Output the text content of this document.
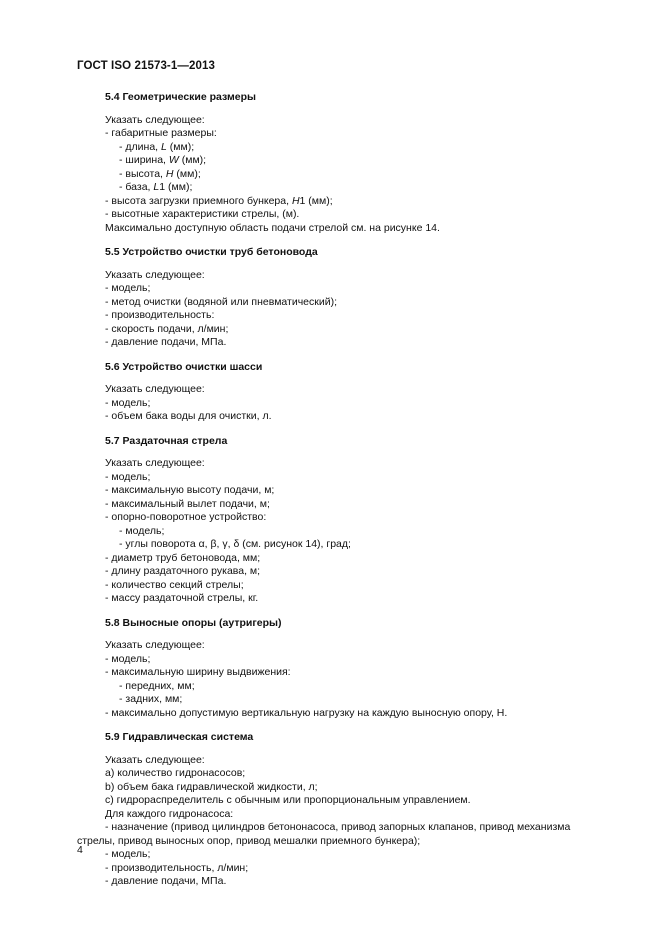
ГОСТ ISO 21573-1—2013
5.4 Геометрические размеры
Указать следующее:
- габаритные размеры:
- длина, L (мм);
- ширина, W (мм);
- высота, H (мм);
- база, L1 (мм);
- высота загрузки приемного бункера, H1 (мм);
- высотные характеристики стрелы, (м).
Максимально доступную область подачи стрелой см. на рисунке 14.
5.5 Устройство очистки труб бетоновода
Указать следующее:
- модель;
- метод очистки (водяной или пневматический);
- производительность:
- скорость подачи, л/мин;
- давление подачи, МПа.
5.6 Устройство очистки шасси
Указать следующее:
- модель;
- объем бака воды для очистки, л.
5.7 Раздаточная стрела
Указать следующее:
- модель;
- максимальную высоту подачи, м;
- максимальный вылет подачи, м;
- опорно-поворотное устройство:
- модель;
- углы поворота α, β, γ, δ (см. рисунок 14), град;
- диаметр труб бетоновода, мм;
- длину раздаточного рукава, м;
- количество секций стрелы;
- массу раздаточной стрелы, кг.
5.8 Выносные опоры (аутригеры)
Указать следующее:
- модель;
- максимальную ширину выдвижения:
- передних, мм;
- задних, мм;
- максимально допустимую вертикальную нагрузку на каждую выносную опору, Н.
5.9 Гидравлическая система
Указать следующее:
a) количество гидронасосов;
b) объем бака гидравлической жидкости, л;
c) гидрораспределитель с обычным или пропорциональным управлением.
Для каждого гидронасоса:
- назначение (привод цилиндров бетононасоса, привод запорных клапанов, привод механизма
стрелы, привод выносных опор, привод мешалки приемного бункера);
- модель;
- производительность, л/мин;
- давление подачи, МПа.
4
